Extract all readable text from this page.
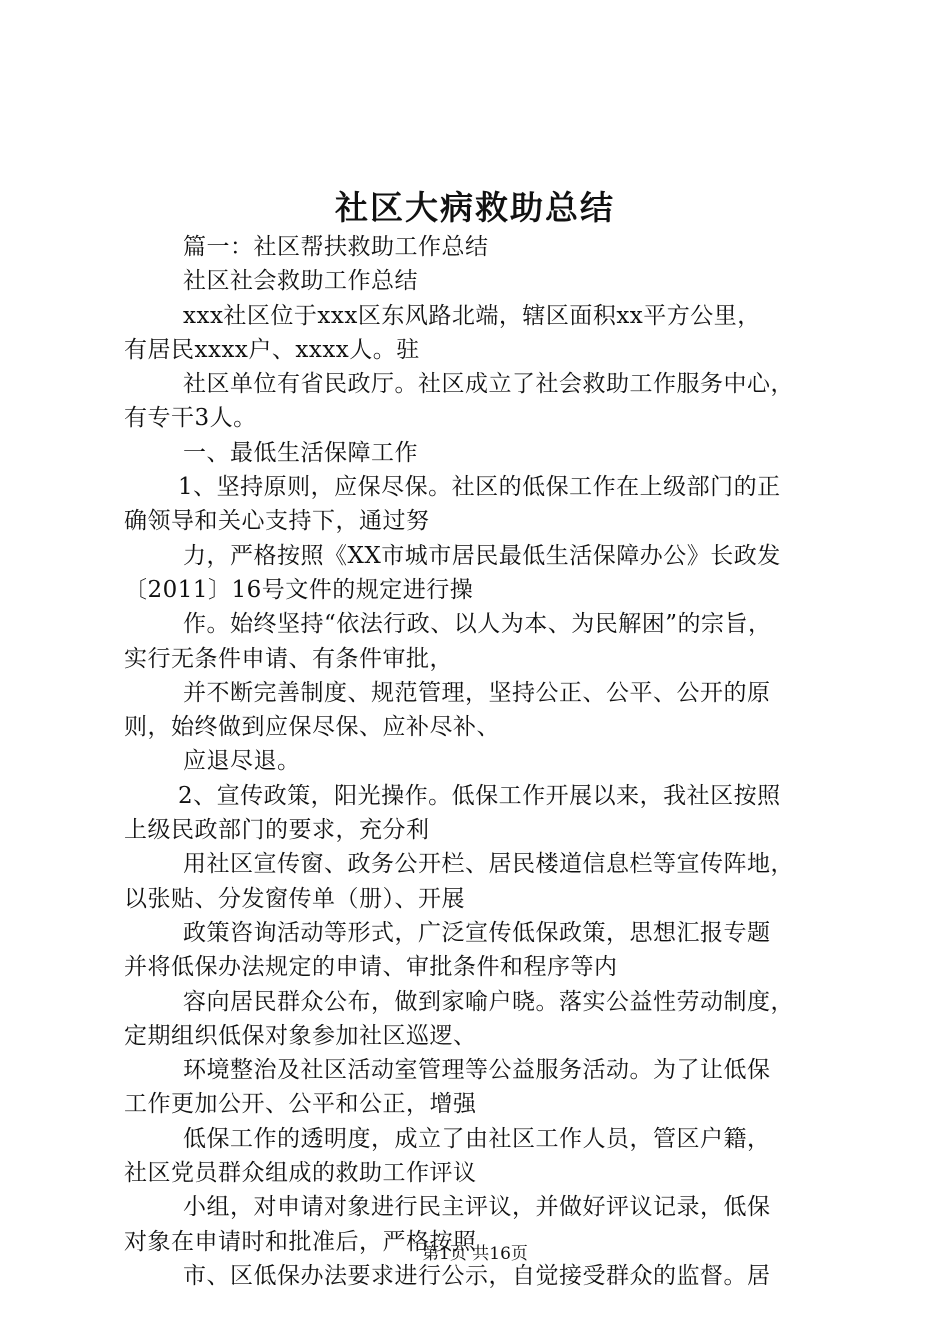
社区大病救助总结
篇一：社区帮扶救助工作总结
社区社会救助工作总结
xxx社区位于xxx区东风路北端，辖区面积xx平方公里，
有居民xxxx户、xxxx人。驻
社区单位有省民政厅。社区成立了社会救助工作服务中心，
有专干3人。
一、最低生活保障工作
1、坚持原则，应保尽保。社区的低保工作在上级部门的正
确领导和关心支持下，通过努
力，严格按照《XX市城市居民最低生活保障办公》长政发
〔2011〕16号文件的规定进行操
作。始终坚持“依法行政、以人为本、为民解困”的宗旨，
实行无条件申请、有条件审批，
并不断完善制度、规范管理，坚持公正、公平、公开的原
则，始终做到应保尽保、应补尽补、
应退尽退。
2、宣传政策，阳光操作。低保工作开展以来，我社区按照
上级民政部门的要求，充分利
用社区宣传窗、政务公开栏、居民楼道信息栏等宣传阵地，
以张贴、分发窗传单（册）、开展
政策咨询活动等形式，广泛宣传低保政策，思想汇报专题
并将低保办法规定的申请、审批条件和程序等内
容向居民群众公布，做到家喻户晓。落实公益性劳动制度，
定期组织低保对象参加社区巡逻、
环境整治及社区活动室管理等公益服务活动。为了让低保
工作更加公开、公平和公正，增强
低保工作的透明度，成立了由社区工作人员，管区户籍，
社区党员群众组成的救助工作评议
小组，对申请对象进行民主评议，并做好评议记录，低保
对象在申请时和批准后，严格按照
市、区低保办法要求进行公示，自觉接受群众的监督。居
第1页 共16页
